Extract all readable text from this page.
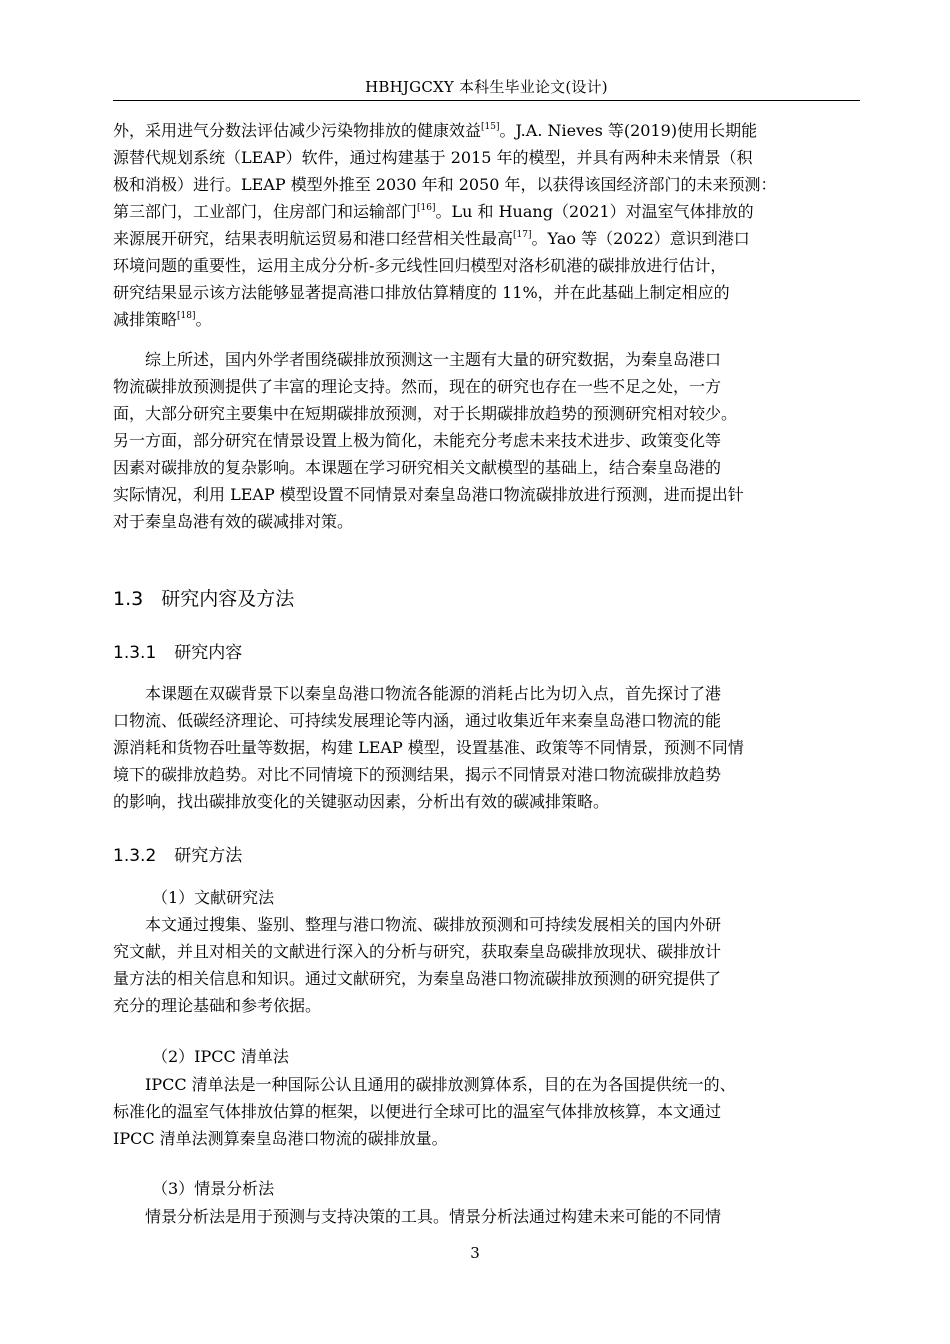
HBHJGCXY 本科生毕业论文(设计)
外，采用进气分数法评估减少污染物排放的健康效益[15]。J.A. Nieves 等(2019)使用长期能
源替代规划系统（LEAP）软件，通过构建基于 2015 年的模型，并具有两种未来情景（积
极和消极）进行。LEAP 模型外推至 2030 年和 2050 年，以获得该国经济部门的未来预测：
第三部门，工业部门，住房部门和运输部门[16]。Lu 和 Huang（2021）对温室气体排放的
来源展开研究，结果表明航运贸易和港口经营相关性最高[17]。Yao 等（2022）意识到港口
环境问题的重要性，运用主成分分析-多元线性回归模型对洛杉矶港的碳排放进行估计，
研究结果显示该方法能够显著提高港口排放估算精度的 11%，并在此基础上制定相应的
减排策略[18]。
综上所述，国内外学者围绕碳排放预测这一主题有大量的研究数据，为秦皇岛港口
物流碳排放预测提供了丰富的理论支持。然而，现在的研究也存在一些不足之处，一方
面，大部分研究主要集中在短期碳排放预测，对于长期碳排放趋势的预测研究相对较少。
另一方面，部分研究在情景设置上极为简化，未能充分考虑未来技术进步、政策变化等
因素对碳排放的复杂影响。本课题在学习研究相关文献模型的基础上，结合秦皇岛港的
实际情况，利用 LEAP 模型设置不同情景对秦皇岛港口物流碳排放进行预测，进而提出针
对于秦皇岛港有效的碳减排对策。
1.3 研究内容及方法
1.3.1 研究内容
本课题在双碳背景下以秦皇岛港口物流各能源的消耗占比为切入点，首先探讨了港
口物流、低碳经济理论、可持续发展理论等内涵，通过收集近年来秦皇岛港口物流的能
源消耗和货物吞吐量等数据，构建 LEAP 模型，设置基准、政策等不同情景，预测不同情
境下的碳排放趋势。对比不同情境下的预测结果，揭示不同情景对港口物流碳排放趋势
的影响，找出碳排放变化的关键驱动因素，分析出有效的碳减排策略。
1.3.2 研究方法
（1）文献研究法
本文通过搜集、鉴别、整理与港口物流、碳排放预测和可持续发展相关的国内外研
究文献，并且对相关的文献进行深入的分析与研究，获取秦皇岛碳排放现状、碳排放计
量方法的相关信息和知识。通过文献研究，为秦皇岛港口物流碳排放预测的研究提供了
充分的理论基础和参考依据。
（2）IPCC 清单法
IPCC 清单法是一种国际公认且通用的碳排放测算体系，目的在为各国提供统一的、
标准化的温室气体排放估算的框架，以便进行全球可比的温室气体排放核算，本文通过
IPCC 清单法测算秦皇岛港口物流的碳排放量。
（3）情景分析法
情景分析法是用于预测与支持决策的工具。情景分析法通过构建未来可能的不同情
3
